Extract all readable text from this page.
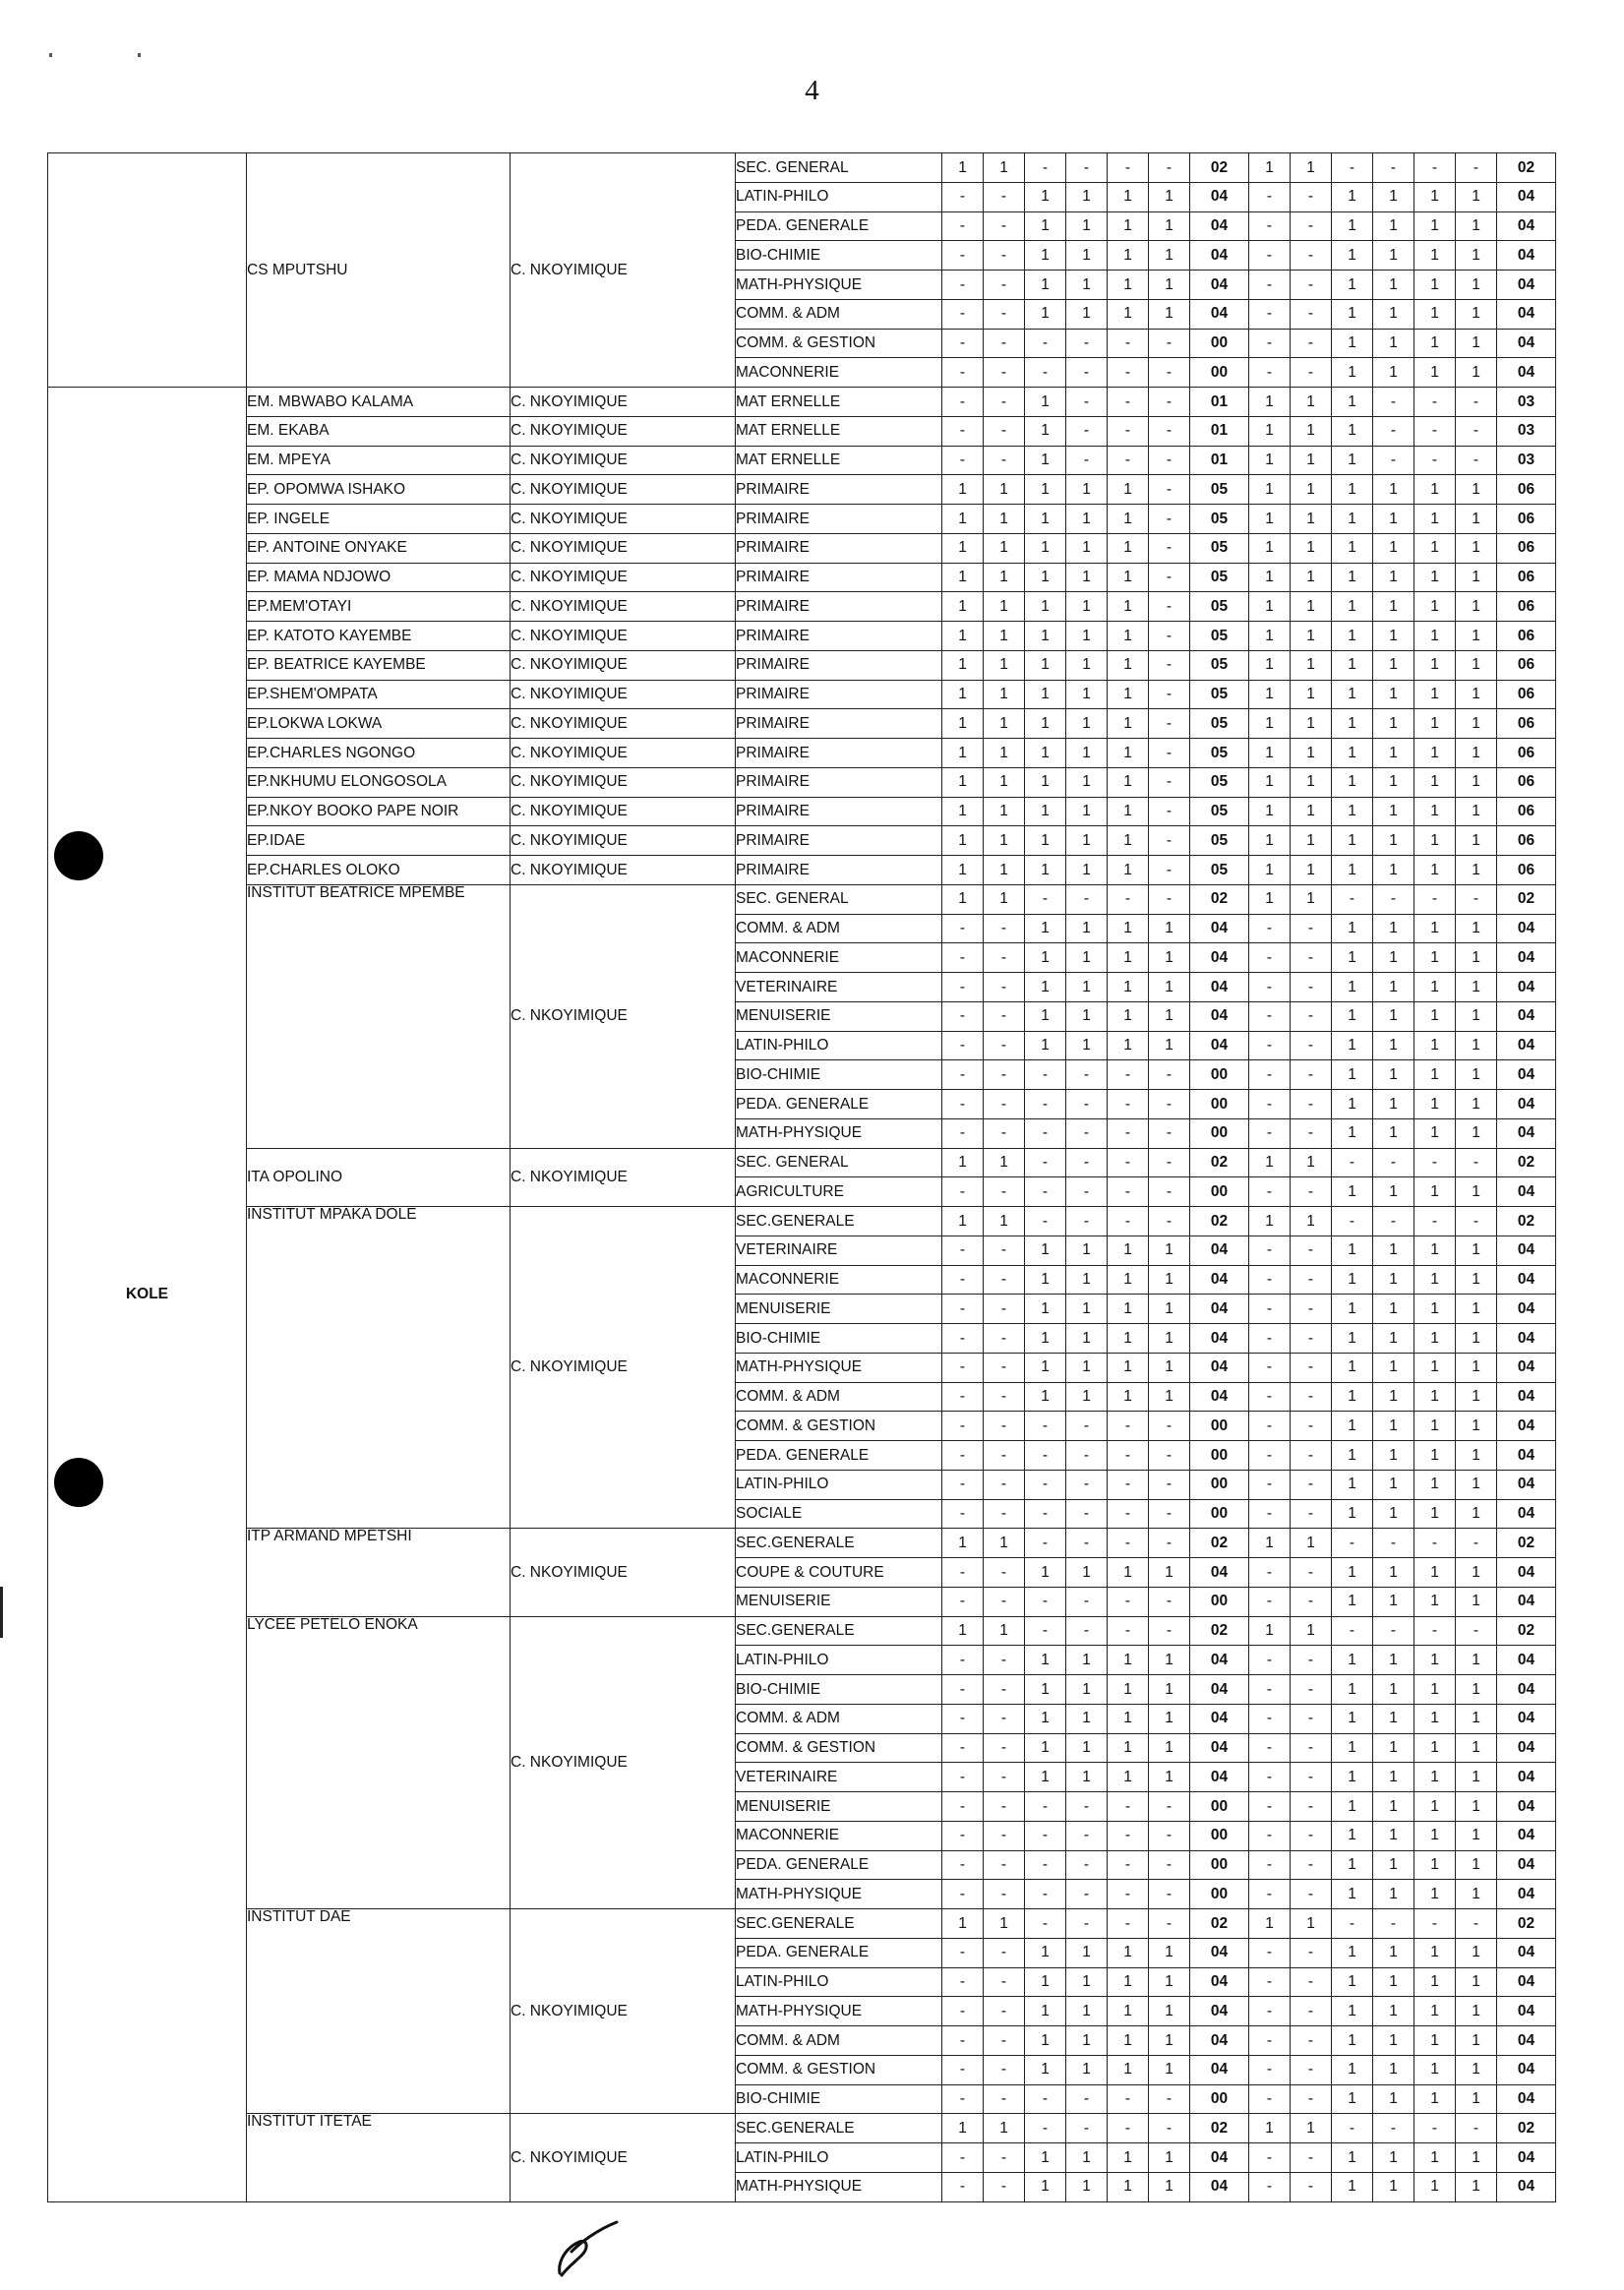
4
	CS MPUTSHU	C. NKOYIMIQUE	SEC. GENERAL	1	1	-	-	-	-	02	1	1	-	-	-	-	02
			LATIN-PHILO	-	-	1	1	1	1	04	-	-	1	1	1	1	04
			PEDA. GENERALE	-	-	1	1	1	1	04	-	-	1	1	1	1	04
			BIO-CHIMIE	-	-	1	1	1	1	04	-	-	1	1	1	1	04
			MATH-PHYSIQUE	-	-	1	1	1	1	04	-	-	1	1	1	1	04
			COMM. & ADM	-	-	1	1	1	1	04	-	-	1	1	1	1	04
			COMM. & GESTION	-	-	-	-	-	-	00	-	-	1	1	1	1	04
			MACONNERIE	-	-	-	-	-	-	00	-	-	1	1	1	1	04
KOLE	EM. MBWABO KALAMA	C. NKOYIMIQUE	MAT ERNELLE	-	-	1	-	-	-	01	1	1	1	-	-	-	03
	EM. EKABA	C. NKOYIMIQUE	MAT ERNELLE	-	-	1	-	-	-	01	1	1	1	-	-	-	03
	EM. MPEYA	C. NKOYIMIQUE	MAT ERNELLE	-	-	1	-	-	-	01	1	1	1	-	-	-	03
	EP. OPOMWA ISHAKO	C. NKOYIMIQUE	PRIMAIRE	1	1	1	1	1	-	05	1	1	1	1	1	1	06
	EP. INGELE	C. NKOYIMIQUE	PRIMAIRE	1	1	1	1	1	-	05	1	1	1	1	1	1	06
	EP. ANTOINE ONYAKE	C. NKOYIMIQUE	PRIMAIRE	1	1	1	1	1	-	05	1	1	1	1	1	1	06
	EP. MAMA NDJOWO	C. NKOYIMIQUE	PRIMAIRE	1	1	1	1	1	-	05	1	1	1	1	1	1	06
	EP.MEM'OTAYI	C. NKOYIMIQUE	PRIMAIRE	1	1	1	1	1	-	05	1	1	1	1	1	1	06
	EP. KATOTO KAYEMBE	C. NKOYIMIQUE	PRIMAIRE	1	1	1	1	1	-	05	1	1	1	1	1	1	06
	EP. BEATRICE KAYEMBE	C. NKOYIMIQUE	PRIMAIRE	1	1	1	1	1	-	05	1	1	1	1	1	1	06
	EP.SHEM'OMPATA	C. NKOYIMIQUE	PRIMAIRE	1	1	1	1	1	-	05	1	1	1	1	1	1	06
	EP.LOKWA LOKWA	C. NKOYIMIQUE	PRIMAIRE	1	1	1	1	1	-	05	1	1	1	1	1	1	06
	EP.CHARLES NGONGO	C. NKOYIMIQUE	PRIMAIRE	1	1	1	1	1	-	05	1	1	1	1	1	1	06
	EP.NKHUMU ELONGOSOLA	C. NKOYIMIQUE	PRIMAIRE	1	1	1	1	1	-	05	1	1	1	1	1	1	06
	EP.NKOY BOOKO PAPE NOIR	C. NKOYIMIQUE	PRIMAIRE	1	1	1	1	1	-	05	1	1	1	1	1	1	06
	EP.IDAE	C. NKOYIMIQUE	PRIMAIRE	1	1	1	1	1	-	05	1	1	1	1	1	1	06
	EP.CHARLES OLOKO	C. NKOYIMIQUE	PRIMAIRE	1	1	1	1	1	-	05	1	1	1	1	1	1	06
	INSTITUT BEATRICE MPEMBE	C. NKOYIMIQUE	SEC. GENERAL	1	1	-	-	-	-	02	1	1	-	-	-	-	02
			COMM. & ADM	-	-	1	1	1	1	04	-	-	1	1	1	1	04
			MACONNERIE	-	-	1	1	1	1	04	-	-	1	1	1	1	04
			VETERINAIRE	-	-	1	1	1	1	04	-	-	1	1	1	1	04
			MENUISERIE	-	-	1	1	1	1	04	-	-	1	1	1	1	04
			LATIN-PHILO	-	-	1	1	1	1	04	-	-	1	1	1	1	04
			BIO-CHIMIE	-	-	-	-	-	-	00	-	-	1	1	1	1	04
			PEDA. GENERALE	-	-	-	-	-	-	00	-	-	1	1	1	1	04
			MATH-PHYSIQUE	-	-	-	-	-	-	00	-	-	1	1	1	1	04
	ITA OPOLINO	C. NKOYIMIQUE	SEC. GENERAL	1	1	-	-	-	-	02	1	1	-	-	-	-	02
			AGRICULTURE	-	-	-	-	-	-	00	-	-	1	1	1	1	04
	INSTITUT MPAKA DOLE	C. NKOYIMIQUE	SEC.GENERALE	1	1	-	-	-	-	02	1	1	-	-	-	-	02
			VETERINAIRE	-	-	1	1	1	1	04	-	-	1	1	1	1	04
			MACONNERIE	-	-	1	1	1	1	04	-	-	1	1	1	1	04
			MENUISERIE	-	-	1	1	1	1	04	-	-	1	1	1	1	04
			BIO-CHIMIE	-	-	1	1	1	1	04	-	-	1	1	1	1	04
			MATH-PHYSIQUE	-	-	1	1	1	1	04	-	-	1	1	1	1	04
			COMM. & ADM	-	-	1	1	1	1	04	-	-	1	1	1	1	04
			COMM. & GESTION	-	-	-	-	-	-	00	-	-	1	1	1	1	04
			PEDA. GENERALE	-	-	-	-	-	-	00	-	-	1	1	1	1	04
			LATIN-PHILO	-	-	-	-	-	-	00	-	-	1	1	1	1	04
			SOCIALE	-	-	-	-	-	-	00	-	-	1	1	1	1	04
	ITP ARMAND MPETSHI	C. NKOYIMIQUE	SEC.GENERALE	1	1	-	-	-	-	02	1	1	-	-	-	-	02
			COUPE & COUTURE	-	-	1	1	1	1	04	-	-	1	1	1	1	04
			MENUISERIE	-	-	-	-	-	-	00	-	-	1	1	1	1	04
	LYCEE PETELO ENOKA	C. NKOYIMIQUE	SEC.GENERALE	1	1	-	-	-	-	02	1	1	-	-	-	-	02
			LATIN-PHILO	-	-	1	1	1	1	04	-	-	1	1	1	1	04
			BIO-CHIMIE	-	-	1	1	1	1	04	-	-	1	1	1	1	04
			COMM. & ADM	-	-	1	1	1	1	04	-	-	1	1	1	1	04
			COMM. & GESTION	-	-	1	1	1	1	04	-	-	1	1	1	1	04
			VETERINAIRE	-	-	1	1	1	1	04	-	-	1	1	1	1	04
			MENUISERIE	-	-	-	-	-	-	00	-	-	1	1	1	1	04
			MACONNERIE	-	-	-	-	-	-	00	-	-	1	1	1	1	04
			PEDA. GENERALE	-	-	-	-	-	-	00	-	-	1	1	1	1	04
			MATH-PHYSIQUE	-	-	-	-	-	-	00	-	-	1	1	1	1	04
	INSTITUT DAE	C. NKOYIMIQUE	SEC.GENERALE	1	1	-	-	-	-	02	1	1	-	-	-	-	02
			PEDA. GENERALE	-	-	1	1	1	1	04	-	-	1	1	1	1	04
			LATIN-PHILO	-	-	1	1	1	1	04	-	-	1	1	1	1	04
			MATH-PHYSIQUE	-	-	1	1	1	1	04	-	-	1	1	1	1	04
			COMM. & ADM	-	-	1	1	1	1	04	-	-	1	1	1	1	04
			COMM. & GESTION	-	-	1	1	1	1	04	-	-	1	1	1	1	04
			BIO-CHIMIE	-	-	-	-	-	-	00	-	-	1	1	1	1	04
	INSTITUT ITETAE	C. NKOYIMIQUE	SEC.GENERALE	1	1	-	-	-	-	02	1	1	-	-	-	-	02
			LATIN-PHILO	-	-	1	1	1	1	04	-	-	1	1	1	1	04
			MATH-PHYSIQUE	-	-	1	1	1	1	04	-	-	1	1	1	1	04
